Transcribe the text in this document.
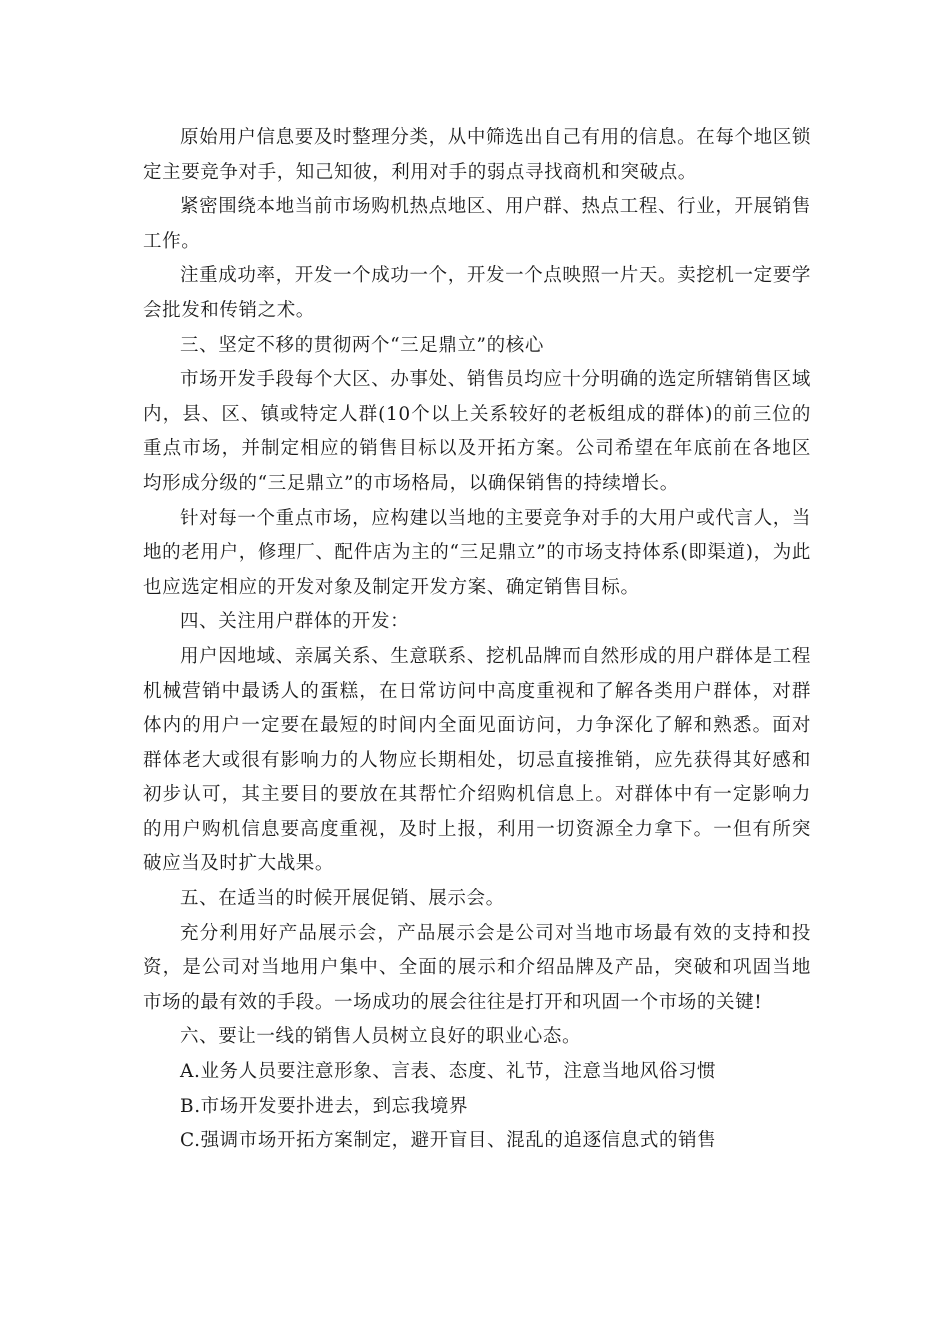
原始用户信息要及时整理分类，从中筛选出自己有用的信息。在每个地区锁定主要竞争对手，知己知彼，利用对手的弱点寻找商机和突破点。

紧密围绕本地当前市场购机热点地区、用户群、热点工程、行业，开展销售工作。

注重成功率，开发一个成功一个，开发一个点映照一片天。卖挖机一定要学会批发和传销之术。

三、坚定不移的贯彻两个“三足鼎立”的核心

市场开发手段每个大区、办事处、销售员均应十分明确的选定所辖销售区域内，县、区、镇或特定人群(10个以上关系较好的老板组成的群体)的前三位的重点市场，并制定相应的销售目标以及开拓方案。公司希望在年底前在各地区均形成分级的“三足鼎立”的市场格局，以确保销售的持续增长。

针对每一个重点市场，应构建以当地的主要竞争对手的大用户或代言人，当地的老用户，修理厂、配件店为主的“三足鼎立”的市场支持体系(即渠道)，为此也应选定相应的开发对象及制定开发方案、确定销售目标。

四、关注用户群体的开发：

用户因地域、亲属关系、生意联系、挖机品牌而自然形成的用户群体是工程机械营销中最诱人的蛋糕，在日常访问中高度重视和了解各类用户群体，对群体内的用户一定要在最短的时间内全面见面访问，力争深化了解和熟悉。面对群体老大或很有影响力的人物应长期相处，切忌直接推销，应先获得其好感和初步认可，其主要目的要放在其帮忙介绍购机信息上。对群体中有一定影响力的用户购机信息要高度重视，及时上报，利用一切资源全力拿下。一但有所突破应当及时扩大战果。

五、在适当的时候开展促销、展示会。

充分利用好产品展示会，产品展示会是公司对当地市场最有效的支持和投资，是公司对当地用户集中、全面的展示和介绍品牌及产品，突破和巩固当地市场的最有效的手段。一场成功的展会往往是打开和巩固一个市场的关键!

六、要让一线的销售人员树立良好的职业心态。

A.业务人员要注意形象、言表、态度、礼节，注意当地风俗习惯

B.市场开发要扑进去，到忘我境界

C.强调市场开拓方案制定，避开盲目、混乱的追逐信息式的销售
